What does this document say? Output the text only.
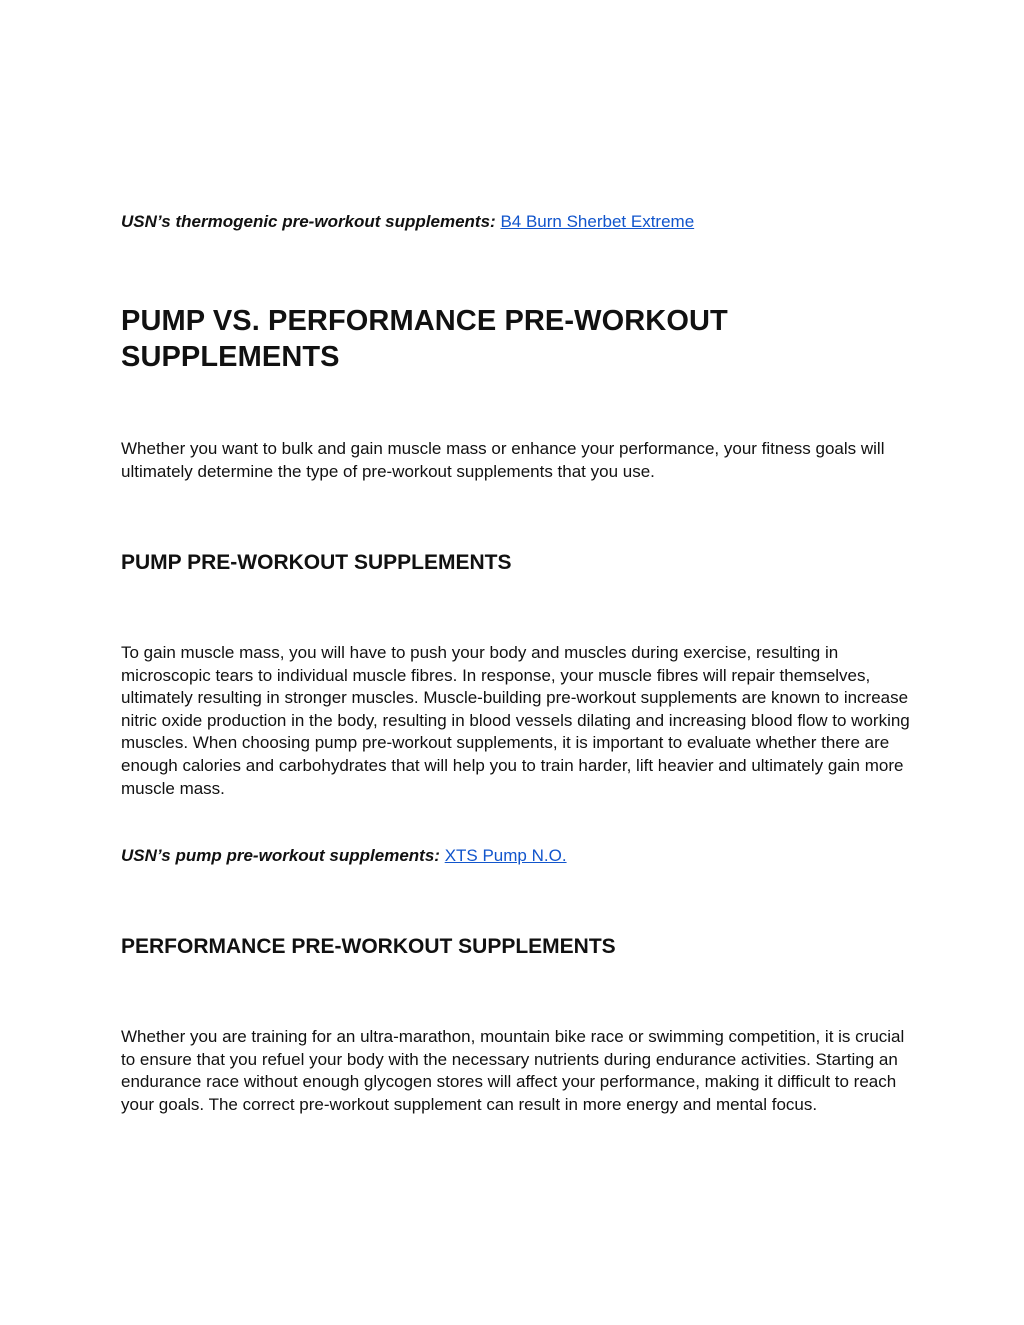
USN’s thermogenic pre-workout supplements: B4 Burn Sherbet Extreme
PUMP VS. PERFORMANCE PRE-WORKOUT SUPPLEMENTS

Whether you want to bulk and gain muscle mass or enhance your performance, your fitness goals will ultimately determine the type of pre-workout supplements that you use.

PUMP PRE-WORKOUT SUPPLEMENTS

To gain muscle mass, you will have to push your body and muscles during exercise, resulting in microscopic tears to individual muscle fibres. In response, your muscle fibres will repair themselves, ultimately resulting in stronger muscles. Muscle-building pre-workout supplements are known to increase nitric oxide production in the body, resulting in blood vessels dilating and increasing blood flow to working muscles. When choosing pump pre-workout supplements, it is important to evaluate whether there are enough calories and carbohydrates that will help you to train harder, lift heavier and ultimately gain more muscle mass.

USN’s pump pre-workout supplements: XTS Pump N.O.
PERFORMANCE PRE-WORKOUT SUPPLEMENTS

Whether you are training for an ultra-marathon, mountain bike race or swimming competition, it is crucial to ensure that you refuel your body with the necessary nutrients during endurance activities. Starting an endurance race without enough glycogen stores will affect your performance, making it difficult to reach your goals. The correct pre-workout supplement can result in more energy and mental focus.
